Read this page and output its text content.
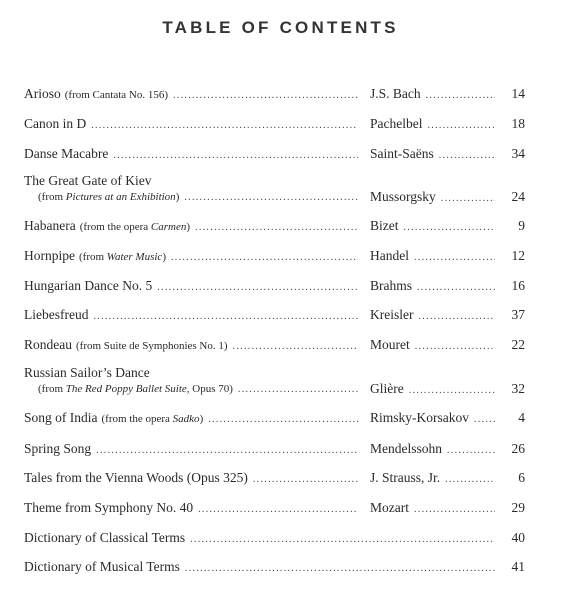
TABLE OF CONTENTS
Arioso (from Cantata No. 156) . . .	J.S. Bach . . .	14
Canon in D . . .	Pachelbel . . .	18
Danse Macabre . . .	Saint-Saëns . . .	34
The Great Gate of Kiev
(from Pictures at an Exhibition) . . .	Mussorgsky . . .	24
Habanera (from the opera Carmen) . . .	Bizet . . .	9
Hornpipe (from Water Music) . . .	Handel . . .	12
Hungarian Dance No. 5 . . .	Brahms . . .	16
Liebesfreud . . .	Kreisler . . .	37
Rondeau (from Suite de Symphonies No. 1) . . .	Mouret . . .	22
Russian Sailor’s Dance
(from The Red Poppy Ballet Suite, Opus 70) . . .	Glière . . .	32
Song of India (from the opera Sadko) . . .	Rimsky-Korsakov . . .	4
Spring Song . . .	Mendelssohn . . .	26
Tales from the Vienna Woods (Opus 325) . . .	J. Strauss, Jr. . . .	6
Theme from Symphony No. 40 . . .	Mozart . . .	29
Dictionary of Classical Terms . . .	40
Dictionary of Musical Terms . . .	41
